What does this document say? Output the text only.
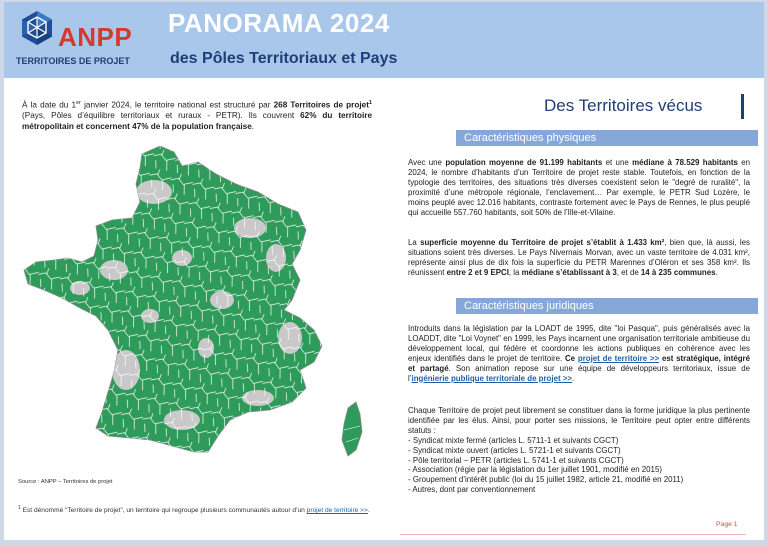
ANPP
TERRITOIRES DE PROJET
PANORAMA 2024
des Pôles Territoriaux et Pays
À la date du 1er janvier 2024, le territoire national est structuré par 268 Territoires de projet$^1$ (Pays, Pôles d’équilibre territoriaux et ruraux - PETR). Ils couvrent 62% du territoire métropolitain et concernent 47% de la population française.
Source : ANPP – Territoires de projet
$^1$ Est dénommé “Territoire de projet”, un territoire qui regroupe plusieurs communautés autour d’un projet de territoire >>.
Des Territoires vécus
Caractéristiques physiques
Avec une population moyenne de 91.199 habitants et une médiane à 78.529 habitants en 2024, le nombre d’habitants d’un Territoire de projet reste stable. Toutefois, en fonction de la typologie des territoires, des situations très diverses coexistent selon le "degré de ruralité", la proximité d’une métropole régionale, l’enclavement… Par exemple, le PETR Sud Lozère, le moins peuplé avec 12.016 habitants, contraste fortement avec le Pays de Rennes, le plus peuplé qui accueille 557.760 habitants, soit 50% de l’Ille-et-Vilaine.
La superficie moyenne du Territoire de projet s’établit à 1.433 km², bien que, là aussi, les situations soient très diverses. Le Pays Nivernais Morvan, avec un vaste territoire de 4.031 km², représente ainsi plus de dix fois la superficie du PETR Marennes d’Oléron et ses 358 km². Ils réunissent entre 2 et 9 EPCI, la médiane s’établissant à 3, et de 14 à 235 communes.
Caractéristiques juridiques
Introduits dans la législation par la LOADT de 1995, dite "loi Pasqua", puis généralisés avec la LOADDT, dite "Loi Voynet" en 1999, les Pays incarnent une organisation territoriale ambitieuse du développement local, qui fédère et coordonne les actions publiques en cohérence avec les enjeux identifiés dans le projet de territoire. Ce projet de territoire >> est stratégique, intégré et partagé. Son animation repose sur une équipe de développeurs territoriaux, issue de l’ingénierie publique territoriale de projet >>.
Chaque Territoire de projet peut librement se constituer dans la forme juridique la plus pertinente identifiée par les élus. Ainsi, pour porter ses missions, le Territoire peut opter entre différents statuts :
- Syndicat mixte fermé (articles L. 5711-1 et suivants CGCT)
- Syndicat mixte ouvert (articles L. 5721-1 et suivants CGCT)
- Pôle territorial – PETR (articles L. 5741-1 et suivants CGCT)
- Association (régie par la législation du 1er juillet 1901, modifié en 2015)
- Groupement d’intérêt public (loi du 15 juillet 1982, article 21, modifié en 2011)
- Autres, dont par conventionnement
Page 1
